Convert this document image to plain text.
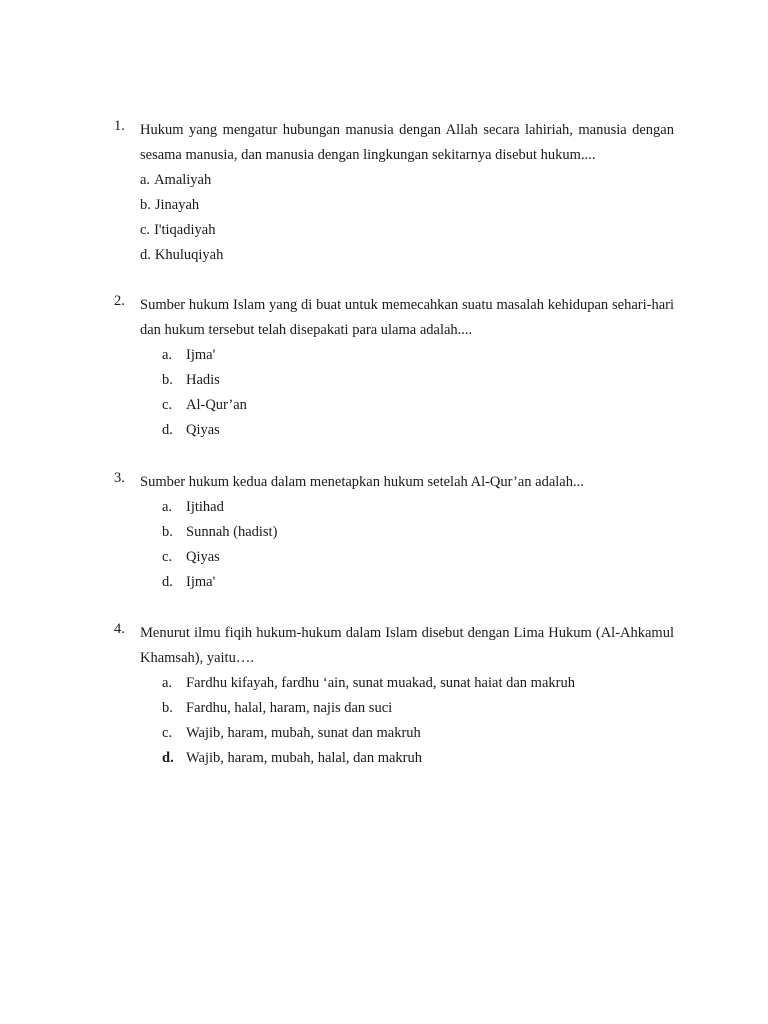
1.	Hukum yang mengatur hubungan manusia dengan Allah secara lahiriah, manusia dengan sesama manusia, dan manusia dengan lingkungan sekitarnya disebut hukum....
a. Amaliyah
b. Jinayah
c. I'tiqadiyah
d. Khuluqiyah
2.	Sumber hukum Islam yang di buat untuk memecahkan suatu masalah kehidupan sehari-hari dan hukum tersebut telah disepakati para ulama adalah....
a. Ijma'
b. Hadis
c. Al-Qur’an
d. Qiyas
3.	Sumber hukum kedua dalam menetapkan hukum setelah Al-Qur’an adalah...
a. Ijtihad
b. Sunnah (hadist)
c. Qiyas
d. Ijma'
4.	Menurut ilmu fiqih hukum-hukum dalam Islam disebut dengan Lima Hukum (Al-Ahkamul Khamsah), yaitu….
a. Fardhu kifayah, fardhu ‘ain, sunat muakad, sunat haiat dan makruh
b. Fardhu, halal, haram, najis dan suci
c. Wajib, haram, mubah, sunat dan makruh
d. Wajib, haram, mubah, halal, dan makruh
